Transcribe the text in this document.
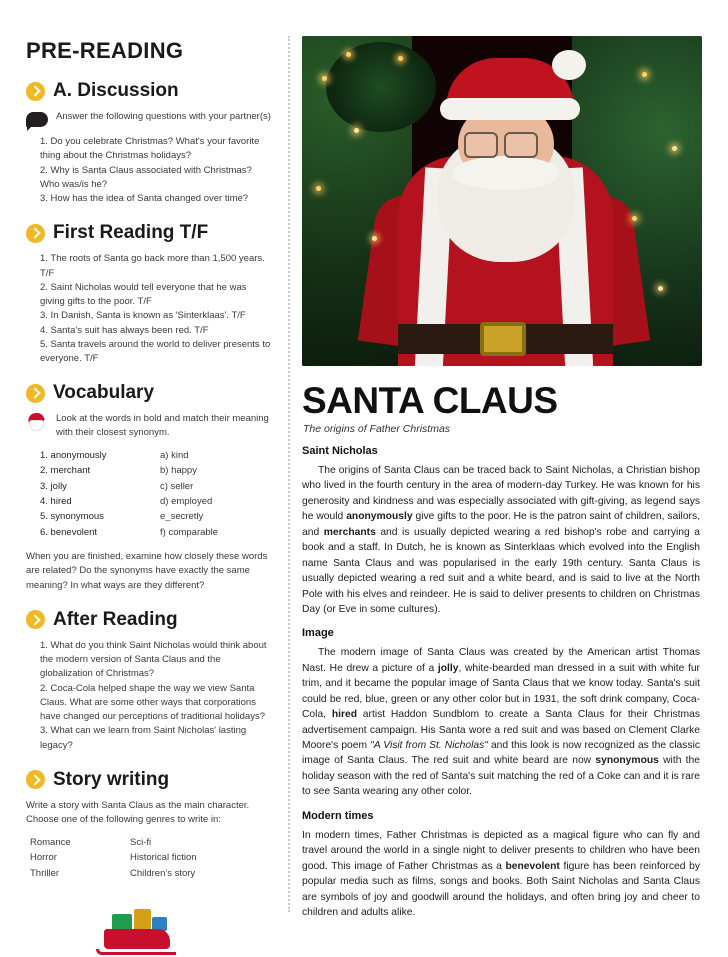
PRE-READING
A. Discussion
Answer the following questions with your partner(s)
1. Do you celebrate Christmas? What's your favorite thing about the Christmas holidays?
2. Why is Santa Claus associated with Christmas? Who was/is he?
3. How has the idea of Santa changed over time?
First Reading T/F
1. The roots of Santa go back more than 1,500 years. T/F
2. Saint Nicholas would tell everyone that he was giving gifts to the poor. T/F
3. In Danish, Santa is known as 'Sinterklaas'. T/F
4. Santa's suit has always been red. T/F
5. Santa travels around the world to deliver presents to everyone. T/F
Vocabulary
Look at the words in bold and match their meaning with their closest synonym.
1. anonymously
2. merchant
3. jolly
4. hired
5. synonymous
6. benevolent
a) kind
b) happy
c) seller
d) employed
e_secretly
f) comparable
When you are finished, examine how closely these words are related? Do the synonyms have exactly the same meaning? In what ways are they different?
After Reading
1. What do you think Saint Nicholas would think about the modern version of Santa Claus and the globalization of Christmas?
2. Coca-Cola helped shape the way we view Santa Claus. What are some other ways that corporations have changed our perceptions of traditional holidays?
3. What can we learn from Saint Nicholas' lasting legacy?
Story writing
Write a story with Santa Claus as the main character. Choose one of the following genres to write in:
Romance
Horror
Thriller
Sci-fi
Historical fiction
Children's story
SANTA CLAUS
The origins of Father Christmas
Saint Nicholas

The origins of Santa Claus can be traced back to Saint Nicholas, a Christian bishop who lived in the fourth century in the area of modern-day Turkey. He was known for his generosity and kindness and was especially associated with gift-giving, as legend says he would anonymously give gifts to the poor. He is the patron saint of children, sailors, and merchants and is usually depicted wearing a red bishop's robe and carrying a book and a staff. In Dutch, he is known as Sinterklaas which evolved into the English name Santa Claus and was popularised in the early 19th century. Santa Claus is usually depicted wearing a red suit and a white beard, and is said to live at the North Pole with his elves and reindeer. He is said to deliver presents to children on Christmas Day (or Eve in some cultures).

Image

The modern image of Santa Claus was created by the American artist Thomas Nast. He drew a picture of a jolly, white-bearded man dressed in a suit with white fur trim, and it became the popular image of Santa Claus that we know today. Santa's suit could be red, blue, green or any other color but in 1931, the soft drink company, Coca-Cola, hired artist Haddon Sundblom to create a Santa Claus for their Christmas advertisement campaign. His Santa wore a red suit and was based on Clement Clarke Moore's poem "A Visit from St. Nicholas" and this look is now recognized as the classic image of Santa Claus. The red suit and white beard are now synonymous with the holiday season with the red of Santa's suit matching the red of a Coke can and it is rare to see Santa wearing any other color.

Modern times

In modern times, Father Christmas is depicted as a magical figure who can fly and travel around the world in a single night to deliver presents to children who have been good. This image of Father Christmas as a benevolent figure has been reinforced by popular media such as films, songs and books. Both Saint Nicholas and Santa Claus are symbols of joy and goodwill around the holidays, and often bring joy and cheer to children and adults alike.
